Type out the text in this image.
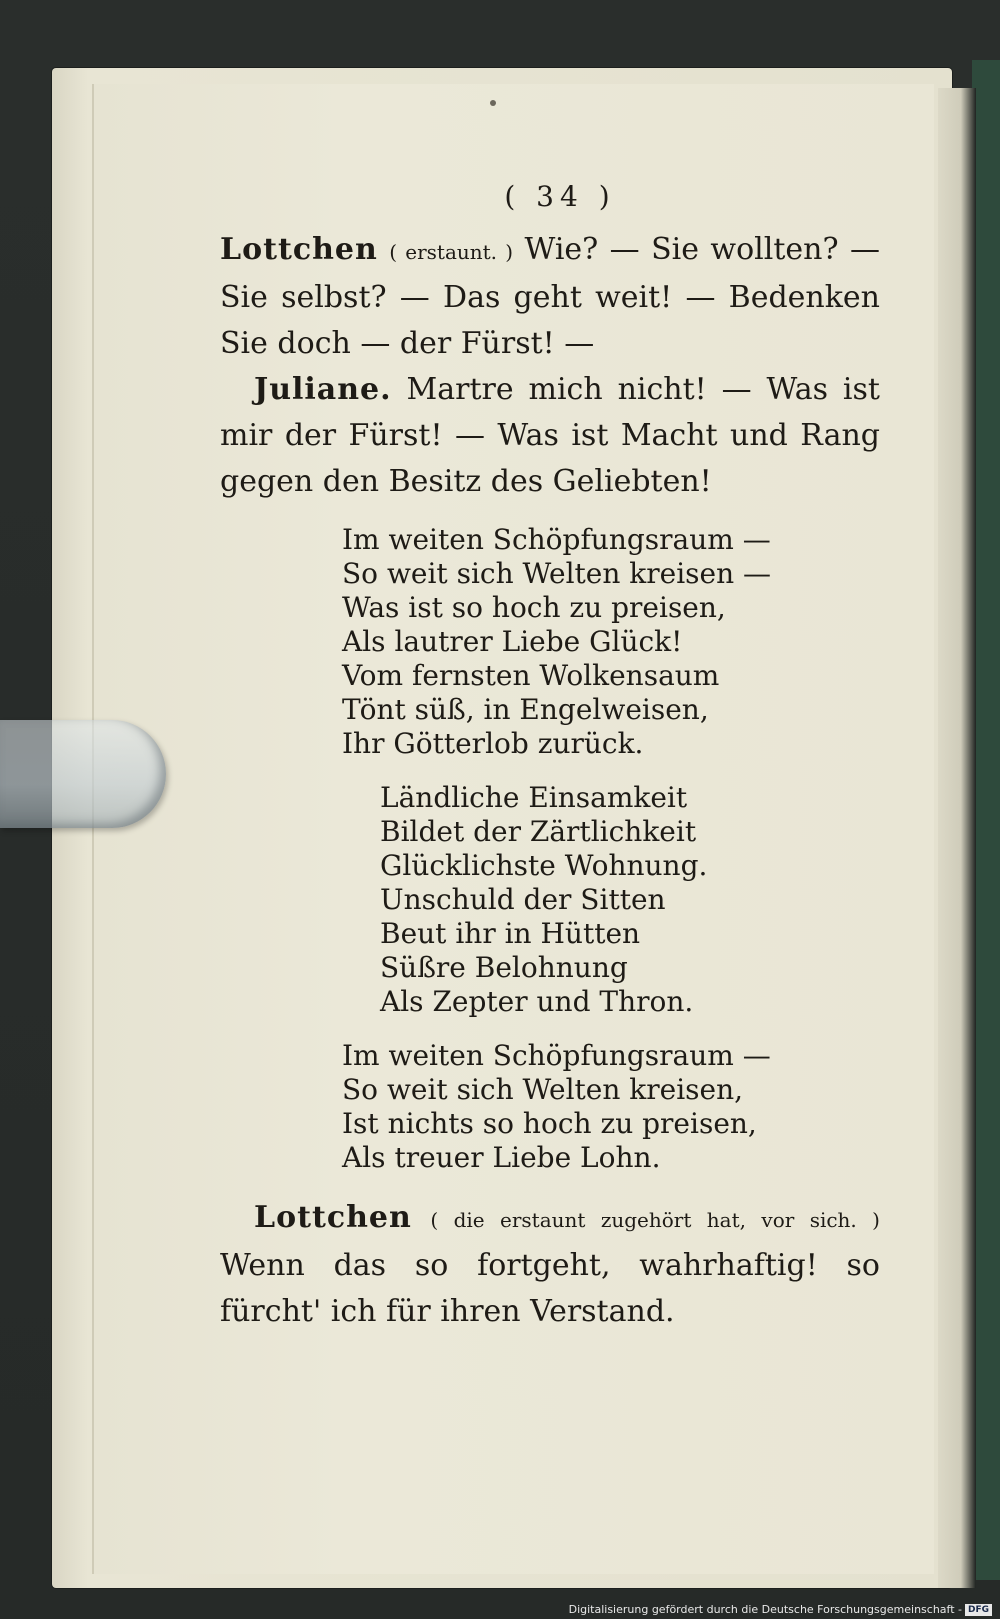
( 34 )

Lottchen ( erstaunt. ) Wie? — Sie wollten? — Sie selbst? — Das geht weit! — Bedenken Sie doch — der Fürst! —

Juliane. Martre mich nicht! — Was ist mir der Fürst! — Was ist Macht und Rang gegen den Besitz des Geliebten!

Im weiten Schöpfungsraum —
So weit sich Welten kreisen —
Was ist so hoch zu preisen,
Als lautrer Liebe Glück!
Vom fernsten Wolkensaum
Tönt süß, in Engelweisen,
Ihr Götterlob zurück.
Ländliche Einsamkeit
Bildet der Zärtlichkeit
Glücklichste Wohnung.
Unschuld der Sitten
Beut ihr in Hütten
Süßre Belohnung
Als Zepter und Thron.
Im weiten Schöpfungsraum —
So weit sich Welten kreisen,
Ist nichts so hoch zu preisen,
Als treuer Liebe Lohn.

Lottchen ( die erstaunt zugehört hat, vor sich. ) Wenn das so fortgeht, wahrhaftig! so fürcht' ich für ihren Verstand.

Digitalisierung gefördert durch die Deutsche Forschungsgemeinschaft - DFG
